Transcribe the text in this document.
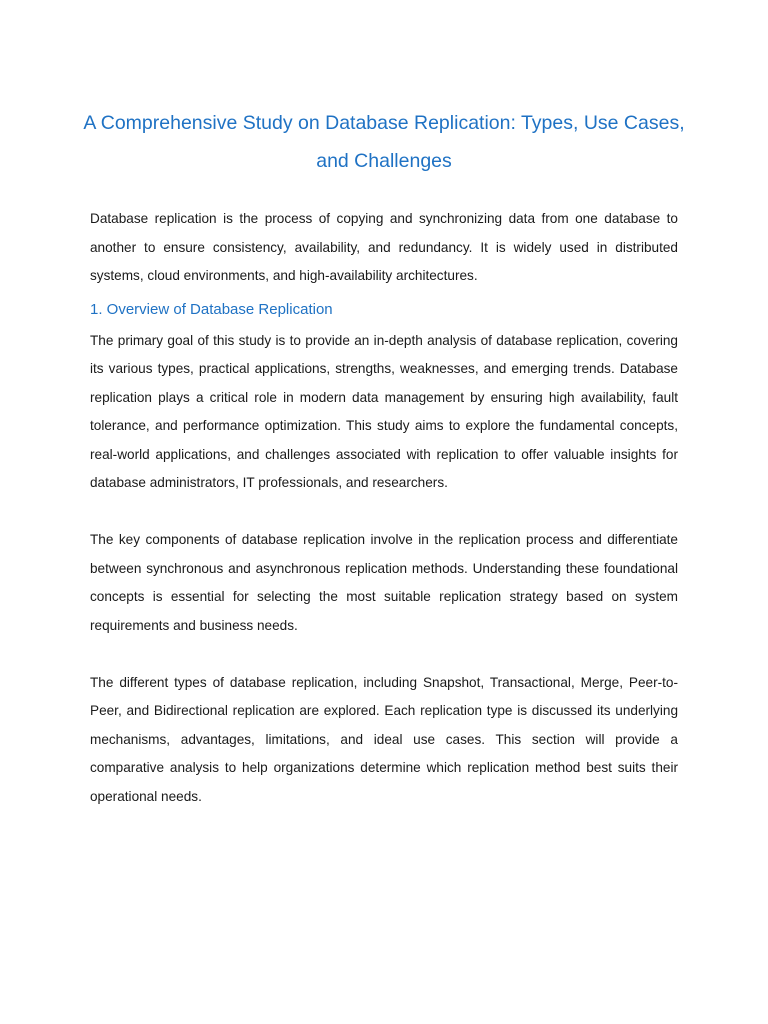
A Comprehensive Study on Database Replication: Types, Use Cases, and Challenges

Database replication is the process of copying and synchronizing data from one database to another to ensure consistency, availability, and redundancy. It is widely used in distributed systems, cloud environments, and high-availability architectures.

1. Overview of Database Replication

The primary goal of this study is to provide an in-depth analysis of database replication, covering its various types, practical applications, strengths, weaknesses, and emerging trends. Database replication plays a critical role in modern data management by ensuring high availability, fault tolerance, and performance optimization. This study aims to explore the fundamental concepts, real-world applications, and challenges associated with replication to offer valuable insights for database administrators, IT professionals, and researchers.

The key components of database replication involve in the replication process and differentiate between synchronous and asynchronous replication methods. Understanding these foundational concepts is essential for selecting the most suitable replication strategy based on system requirements and business needs.

The different types of database replication, including Snapshot, Transactional, Merge, Peer-to-Peer, and Bidirectional replication are explored. Each replication type is discussed its underlying mechanisms, advantages, limitations, and ideal use cases. This section will provide a comparative analysis to help organizations determine which replication method best suits their operational needs.
